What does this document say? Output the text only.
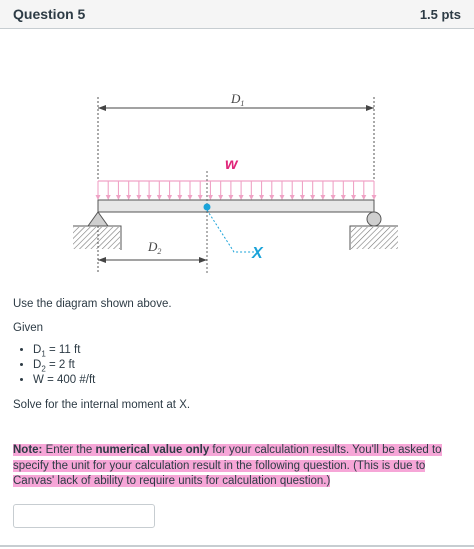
Question 5	1.5 pts
$D_1$
w
X
$D_2$
Use the diagram shown above.
Given
• $D_1 = 11$ ft
• $D_2 = 2$ ft
• W = 400 #/ft
Solve for the internal moment at X.
Note: Enter the numerical value only for your calculation results. You'll be asked to specify the unit for your calculation result in the following question. (This is due to Canvas' lack of ability to require units for calculation question.)
